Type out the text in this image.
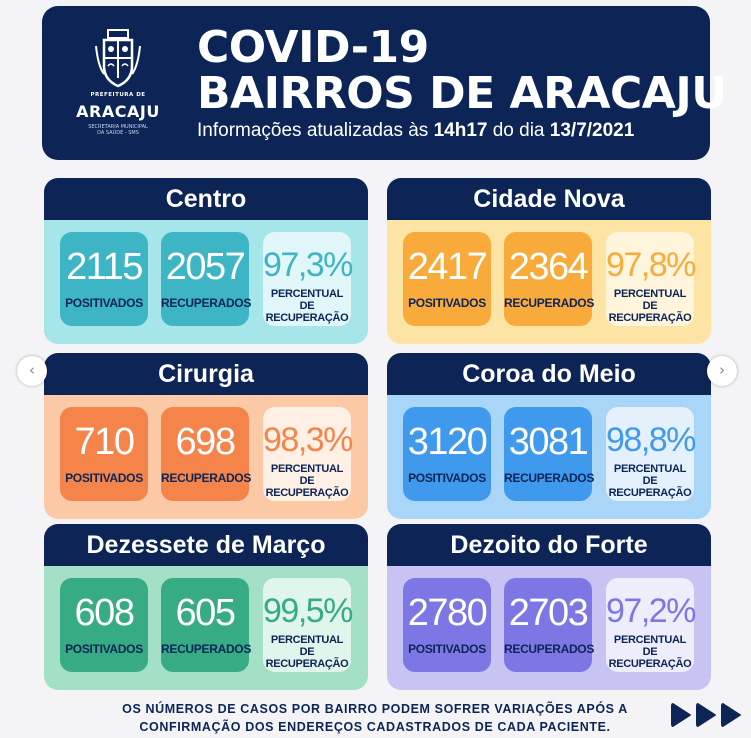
PREFEITURA DE
ARACAJU
SECRETARIA MUNICIPAL
DA SAÚDE - SMS
COVID-19
BAIRROS DE ARACAJU
Informações atualizadas às 14h17 do dia 13/7/2021
Centro
2115
POSITIVADOS
2057
RECUPERADOS
97,3%
PERCENTUAL DE
RECUPERAÇÃO
Cidade Nova
2417
POSITIVADOS
2364
RECUPERADOS
97,8%
PERCENTUAL DE
RECUPERAÇÃO
Cirurgia
710
POSITIVADOS
698
RECUPERADOS
98,3%
PERCENTUAL DE
RECUPERAÇÃO
Coroa do Meio
3120
POSITIVADOS
3081
RECUPERADOS
98,8%
PERCENTUAL DE
RECUPERAÇÃO
Dezessete de Março
608
POSITIVADOS
605
RECUPERADOS
99,5%
PERCENTUAL DE
RECUPERAÇÃO
Dezoito do Forte
2780
POSITIVADOS
2703
RECUPERADOS
97,2%
PERCENTUAL DE
RECUPERAÇÃO
OS NÚMEROS DE CASOS POR BAIRRO PODEM SOFRER VARIAÇÕES APÓS A
CONFIRMAÇÃO DOS ENDEREÇOS CADASTRADOS DE CADA PACIENTE.
‹	›
